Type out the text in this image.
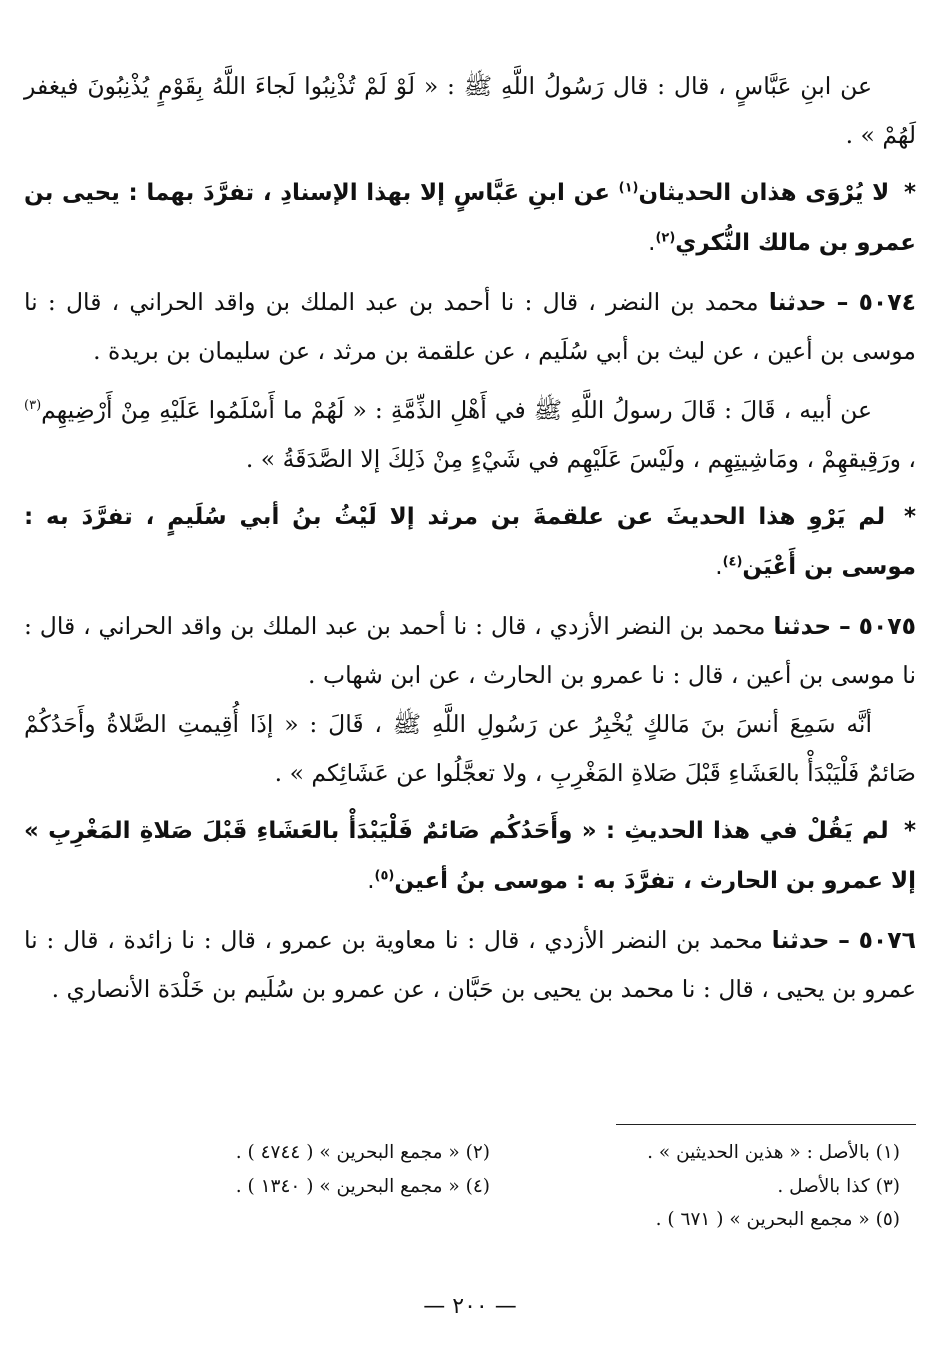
عن ابنِ عَبَّاسٍ ، قال : قال رَسُولُ اللَّهِ ﷺ : « لَوْ لَمْ تُذْنِبُوا لَجاءَ اللَّهُ بِقَوْمٍ يُذْنِبُونَ فيغفر لَهُمْ » .

* لا يُرْوَى هذان الحديثان$^{(١)}$ عن ابنِ عَبَّاسٍ إلا بهذا الإسنادِ ، تفرَّدَ بهما : يحيى بن عمرو بن مالك النُّكري$^{(٢)}$.

٥٠٧٤ – حدثنا محمد بن النضر ، قال : نا أحمد بن عبد الملك بن واقد الحراني ، قال : نا موسى بن أعين ، عن ليث بن أبي سُلَيم ، عن علقمة بن مرثد ، عن سليمان بن بريدة .

عن أبيه ، قَالَ : قَالَ رسولُ اللَّهِ ﷺ في أَهْلِ الذِّمَّةِ : « لَهُمْ ما أَسْلَمُوا عَلَيْهِ مِنْ أَرْضِيهِم$^{(٣)}$ ، ورَقِيقهِمْ ، ومَاشِيتِهِم ، ولَيْسَ عَلَيْهِم في شَيْءٍ مِنْ ذَلِكَ إلا الصَّدَقَةُ » .

* لم يَرْوِ هذا الحديثَ عن علقمةَ بن مرثد إلا لَيْثُ بنُ أبي سُلَيمٍ ، تفرَّدَ به : موسى بن أَعْيَن$^{(٤)}$.

٥٠٧٥ – حدثنا محمد بن النضر الأزدي ، قال : نا أحمد بن عبد الملك بن واقد الحراني ، قال : نا موسى بن أعين ، قال : نا عمرو بن الحارث ، عن ابن شهاب .

أنَّه سَمِعَ أنسَ بنَ مَالكٍ يُخْبِرُ عن رَسُولِ اللَّهِ ﷺ ، قَالَ : « إذَا أُقِيمتِ الصَّلاةُ وأَحَدُكُمْ صَائمٌ فَلْيَبْدَأْ بالعَشَاءِ قَبْلَ صَلاةِ المَغْرِبِ ، ولا تعجَّلُوا عن عَشَائِكم » .

* لم يَقُلْ في هذا الحديثِ : « وأَحَدُكُم صَائمٌ فَلْيَبْدَأْ بالعَشَاءِ قَبْلَ صَلاةِ المَغْرِبِ » إلا عمرو بن الحارث ، تفرَّدَ به : موسى بنُ أعين$^{(٥)}$.

٥٠٧٦ – حدثنا محمد بن النضر الأزدي ، قال : نا معاوية بن عمرو ، قال : نا زائدة ، قال : نا عمرو بن يحيى ، قال : نا محمد بن يحيى بن حَبَّان ، عن عمرو بن سُلَيم بن خَلْدَة الأنصاري .

(١) بالأصل : « هذين الحديثين » .
(٢) « مجمع البحرين » ( ٤٧٤٤ ) .
(٣) كذا بالأصل .
(٤) « مجمع البحرين » ( ١٣٤٠ ) .
(٥) « مجمع البحرين » ( ٦٧١ ) .
— ٢٠٠ —
